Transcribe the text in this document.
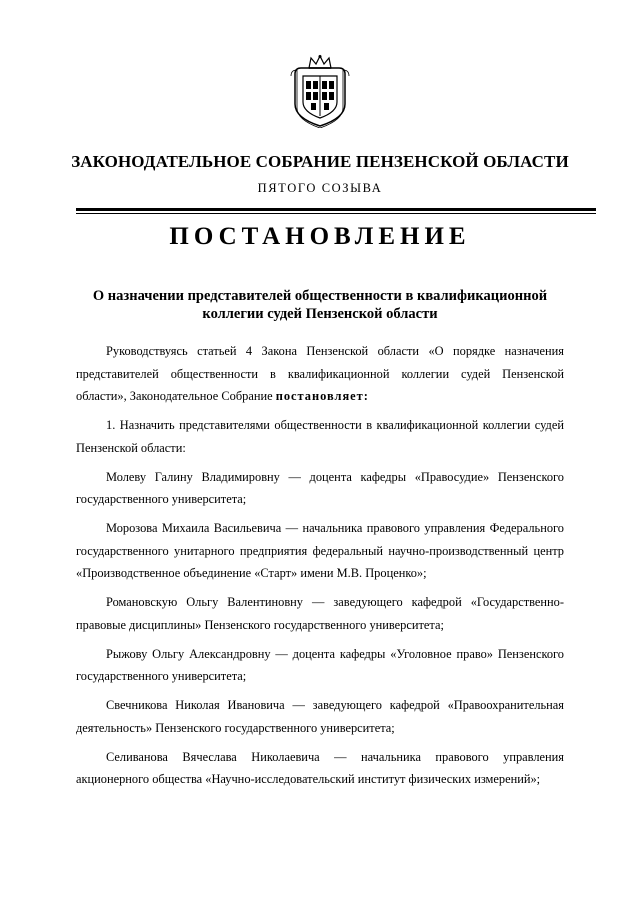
ЗАКОНОДАТЕЛЬНОЕ СОБРАНИЕ ПЕНЗЕНСКОЙ ОБЛАСТИ
ПЯТОГО СОЗЫВА
ПОСТАНОВЛЕНИЕ
О назначении представителей общественности в квалификационной
коллегии судей Пензенской области

Руководствуясь статьей 4 Закона Пензенской области «О порядке назначения представителей общественности в квалификационной коллегии судей Пензенской области», Законодательное Собрание постановляет:

1. Назначить представителями общественности в квалификационной коллегии судей Пензенской области:

Молеву Галину Владимировну — доцента кафедры «Правосудие» Пензенского государственного университета;

Морозова Михаила Васильевича — начальника правового управления Федерального государственного унитарного предприятия федеральный научно-производственный центр «Производственное объединение «Старт» имени М.В. Проценко»;

Романовскую Ольгу Валентиновну — заведующего кафедрой «Государственно-правовые дисциплины» Пензенского государственного университета;

Рыжову Ольгу Александровну — доцента кафедры «Уголовное право» Пензенского государственного университета;

Свечникова Николая Ивановича — заведующего кафедрой «Правоохранительная деятельность» Пензенского государственного университета;

Селиванова Вячеслава Николаевича — начальника правового управления акционерного общества «Научно-исследовательский институт физических измерений»;
